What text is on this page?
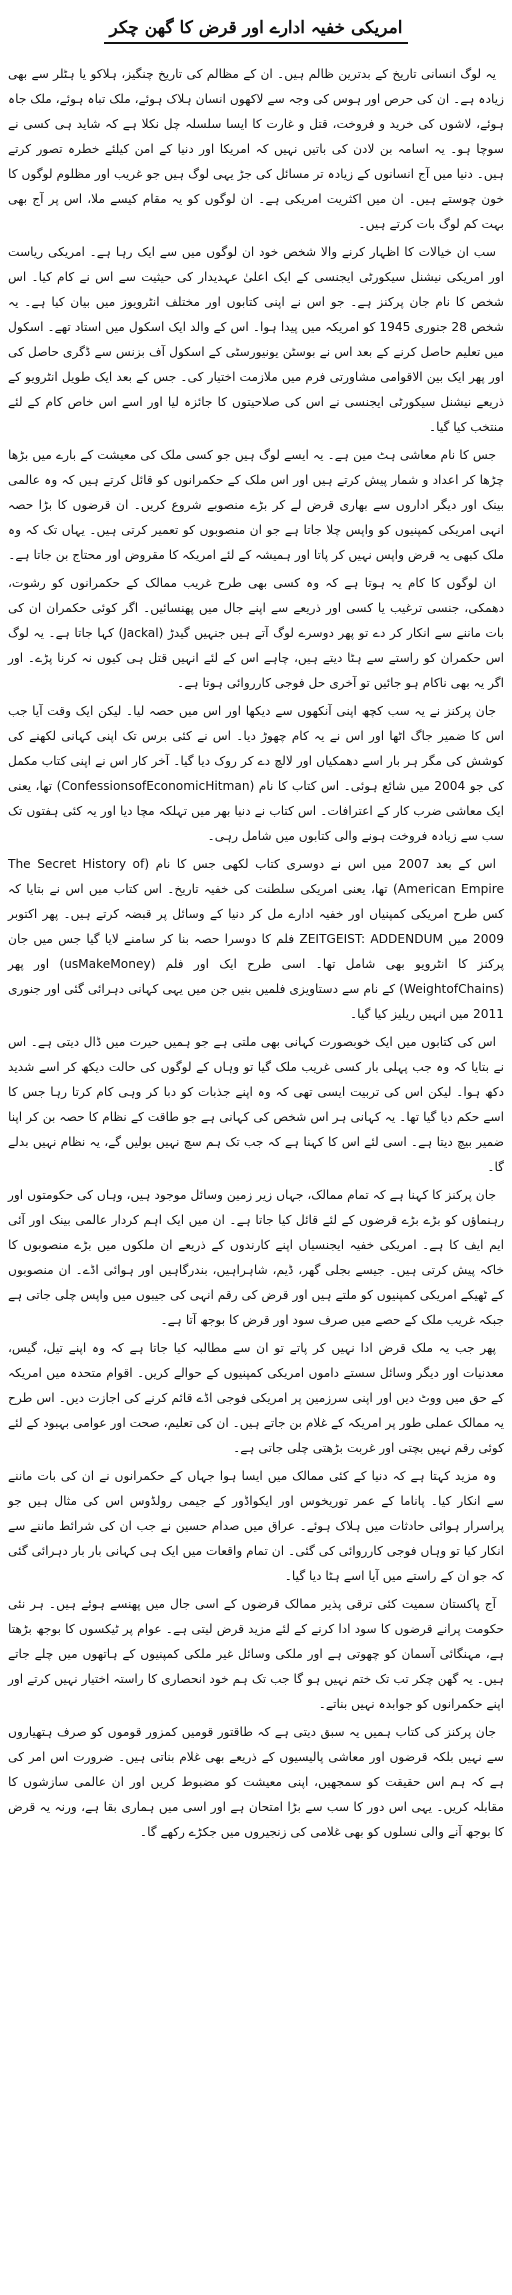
امریکی خفیہ ادارے اور قرض کا گھن چکر

یہ لوگ انسانی تاریخ کے بدترین ظالم ہیں۔ ان کے مظالم کی تاریخ چنگیز، ہلاکو یا ہٹلر سے بھی زیادہ ہے۔ ان کی حرص اور ہوس کی وجہ سے لاکھوں انسان ہلاک ہوئے، ملک تباہ ہوئے، ملک جاہ ہوئے، لاشوں کی خرید و فروخت، قتل و غارت کا ایسا سلسلہ چل نکلا ہے کہ شاید ہی کسی نے سوچا ہو۔ یہ اسامہ بن لادن کی باتیں نہیں کہ امریکا اور دنیا کے امن کیلئے خطرہ تصور کرتے ہیں۔ دنیا میں آج انسانوں کے زیادہ تر مسائل کی جڑ یہی لوگ ہیں جو غریب اور مظلوم لوگوں کا خون چوستے ہیں۔ ان میں اکثریت امریکی ہے۔ ان لوگوں کو یہ مقام کیسے ملا، اس پر آج بھی بہت کم لوگ بات کرتے ہیں۔

سب ان خیالات کا اظہار کرنے والا شخص خود ان لوگوں میں سے ایک رہا ہے۔ امریکی ریاست اور امریکی نیشنل سیکورٹی ایجنسی کے ایک اعلیٰ عہدیدار کی حیثیت سے اس نے کام کیا۔ اس شخص کا نام جان پرکنز ہے۔ جو اس نے اپنی کتابوں اور مختلف انٹرویوز میں بیان کیا ہے۔ یہ شخص 28 جنوری 1945 کو امریکہ میں پیدا ہوا۔ اس کے والد ایک اسکول میں استاد تھے۔ اسکول میں تعلیم حاصل کرنے کے بعد اس نے بوسٹن یونیورسٹی کے اسکول آف بزنس سے ڈگری حاصل کی اور پھر ایک بین الاقوامی مشاورتی فرم میں ملازمت اختیار کی۔ جس کے بعد ایک طویل انٹرویو کے ذریعے نیشنل سیکورٹی ایجنسی نے اس کی صلاحیتوں کا جائزہ لیا اور اسے اس خاص کام کے لئے منتخب کیا گیا۔

جس کا نام معاشی ہٹ مین ہے۔ یہ ایسے لوگ ہیں جو کسی ملک کی معیشت کے بارے میں بڑھا چڑھا کر اعداد و شمار پیش کرتے ہیں اور اس ملک کے حکمرانوں کو قائل کرتے ہیں کہ وہ عالمی بینک اور دیگر اداروں سے بھاری قرض لے کر بڑے منصوبے شروع کریں۔ ان قرضوں کا بڑا حصہ انہی امریکی کمپنیوں کو واپس چلا جاتا ہے جو ان منصوبوں کو تعمیر کرتی ہیں۔ یہاں تک کہ وہ ملک کبھی یہ قرض واپس نہیں کر پاتا اور ہمیشہ کے لئے امریکہ کا مقروض اور محتاج بن جاتا ہے۔

ان لوگوں کا کام یہ ہوتا ہے کہ وہ کسی بھی طرح غریب ممالک کے حکمرانوں کو رشوت، دھمکی، جنسی ترغیب یا کسی اور ذریعے سے اپنے جال میں پھنسائیں۔ اگر کوئی حکمران ان کی بات ماننے سے انکار کر دے تو پھر دوسرے لوگ آتے ہیں جنہیں گیدڑ (Jackal) کہا جاتا ہے۔ یہ لوگ اس حکمران کو راستے سے ہٹا دیتے ہیں، چاہے اس کے لئے انہیں قتل ہی کیوں نہ کرنا پڑے۔ اور اگر یہ بھی ناکام ہو جائیں تو آخری حل فوجی کارروائی ہوتا ہے۔

جان پرکنز نے یہ سب کچھ اپنی آنکھوں سے دیکھا اور اس میں حصہ لیا۔ لیکن ایک وقت آیا جب اس کا ضمیر جاگ اٹھا اور اس نے یہ کام چھوڑ دیا۔ اس نے کئی برس تک اپنی کہانی لکھنے کی کوشش کی مگر ہر بار اسے دھمکیاں اور لالچ دے کر روک دیا گیا۔ آخر کار اس نے اپنی کتاب مکمل کی جو 2004 میں شائع ہوئی۔ اس کتاب کا نام (ConfessionsofEconomicHitman) تھا، یعنی ایک معاشی ضرب کار کے اعترافات۔ اس کتاب نے دنیا بھر میں تہلکہ مچا دیا اور یہ کئی ہفتوں تک سب سے زیادہ فروخت ہونے والی کتابوں میں شامل رہی۔

اس کے بعد 2007 میں اس نے دوسری کتاب لکھی جس کا نام (The Secret History of American Empire) تھا، یعنی امریکی سلطنت کی خفیہ تاریخ۔ اس کتاب میں اس نے بتایا کہ کس طرح امریکی کمپنیاں اور خفیہ ادارے مل کر دنیا کے وسائل پر قبضہ کرتے ہیں۔ پھر اکتوبر 2009 میں ZEITGEIST: ADDENDUM فلم کا دوسرا حصہ بنا کر سامنے لایا گیا جس میں جان پرکنز کا انٹرویو بھی شامل تھا۔ اسی طرح ایک اور فلم (usMakeMoney) اور پھر (WeightofChains) کے نام سے دستاویزی فلمیں بنیں جن میں یہی کہانی دہرائی گئی اور جنوری 2011 میں انہیں ریلیز کیا گیا۔

اس کی کتابوں میں ایک خوبصورت کہانی بھی ملتی ہے جو ہمیں حیرت میں ڈال دیتی ہے۔ اس نے بتایا کہ وہ جب پہلی بار کسی غریب ملک گیا تو وہاں کے لوگوں کی حالت دیکھ کر اسے شدید دکھ ہوا۔ لیکن اس کی تربیت ایسی تھی کہ وہ اپنے جذبات کو دبا کر وہی کام کرتا رہا جس کا اسے حکم دیا گیا تھا۔ یہ کہانی ہر اس شخص کی کہانی ہے جو طاقت کے نظام کا حصہ بن کر اپنا ضمیر بیچ دیتا ہے۔ اسی لئے اس کا کہنا ہے کہ جب تک ہم سچ نہیں بولیں گے، یہ نظام نہیں بدلے گا۔

جان پرکنز کا کہنا ہے کہ تمام ممالک، جہاں زیر زمین وسائل موجود ہیں، وہاں کی حکومتوں اور رہنماؤں کو بڑے بڑے قرضوں کے لئے قائل کیا جاتا ہے۔ ان میں ایک اہم کردار عالمی بینک اور آئی ایم ایف کا ہے۔ امریکی خفیہ ایجنسیاں اپنے کارندوں کے ذریعے ان ملکوں میں بڑے منصوبوں کا خاکہ پیش کرتی ہیں۔ جیسے بجلی گھر، ڈیم، شاہراہیں، بندرگاہیں اور ہوائی اڈے۔ ان منصوبوں کے ٹھیکے امریکی کمپنیوں کو ملتے ہیں اور قرض کی رقم انہی کی جیبوں میں واپس چلی جاتی ہے جبکہ غریب ملک کے حصے میں صرف سود اور قرض کا بوجھ آتا ہے۔

پھر جب یہ ملک قرض ادا نہیں کر پاتے تو ان سے مطالبہ کیا جاتا ہے کہ وہ اپنے تیل، گیس، معدنیات اور دیگر وسائل سستے داموں امریکی کمپنیوں کے حوالے کریں۔ اقوام متحدہ میں امریکہ کے حق میں ووٹ دیں اور اپنی سرزمین پر امریکی فوجی اڈے قائم کرنے کی اجازت دیں۔ اس طرح یہ ممالک عملی طور پر امریکہ کے غلام بن جاتے ہیں۔ ان کی تعلیم، صحت اور عوامی بہبود کے لئے کوئی رقم نہیں بچتی اور غربت بڑھتی چلی جاتی ہے۔

وہ مزید کہتا ہے کہ دنیا کے کئی ممالک میں ایسا ہوا جہاں کے حکمرانوں نے ان کی بات ماننے سے انکار کیا۔ پاناما کے عمر توریخوس اور ایکواڈور کے جیمی رولڈوس اس کی مثال ہیں جو پراسرار ہوائی حادثات میں ہلاک ہوئے۔ عراق میں صدام حسین نے جب ان کی شرائط ماننے سے انکار کیا تو وہاں فوجی کارروائی کی گئی۔ ان تمام واقعات میں ایک ہی کہانی بار بار دہرائی گئی کہ جو ان کے راستے میں آیا اسے ہٹا دیا گیا۔

آج پاکستان سمیت کئی ترقی پذیر ممالک قرضوں کے اسی جال میں پھنسے ہوئے ہیں۔ ہر نئی حکومت پرانے قرضوں کا سود ادا کرنے کے لئے مزید قرض لیتی ہے۔ عوام پر ٹیکسوں کا بوجھ بڑھتا ہے، مہنگائی آسمان کو چھوتی ہے اور ملکی وسائل غیر ملکی کمپنیوں کے ہاتھوں میں چلے جاتے ہیں۔ یہ گھن چکر تب تک ختم نہیں ہو گا جب تک ہم خود انحصاری کا راستہ اختیار نہیں کرتے اور اپنے حکمرانوں کو جوابدہ نہیں بناتے۔

جان پرکنز کی کتاب ہمیں یہ سبق دیتی ہے کہ طاقتور قومیں کمزور قوموں کو صرف ہتھیاروں سے نہیں بلکہ قرضوں اور معاشی پالیسیوں کے ذریعے بھی غلام بناتی ہیں۔ ضرورت اس امر کی ہے کہ ہم اس حقیقت کو سمجھیں، اپنی معیشت کو مضبوط کریں اور ان عالمی سازشوں کا مقابلہ کریں۔ یہی اس دور کا سب سے بڑا امتحان ہے اور اسی میں ہماری بقا ہے، ورنہ یہ قرض کا بوجھ آنے والی نسلوں کو بھی غلامی کی زنجیروں میں جکڑے رکھے گا۔
